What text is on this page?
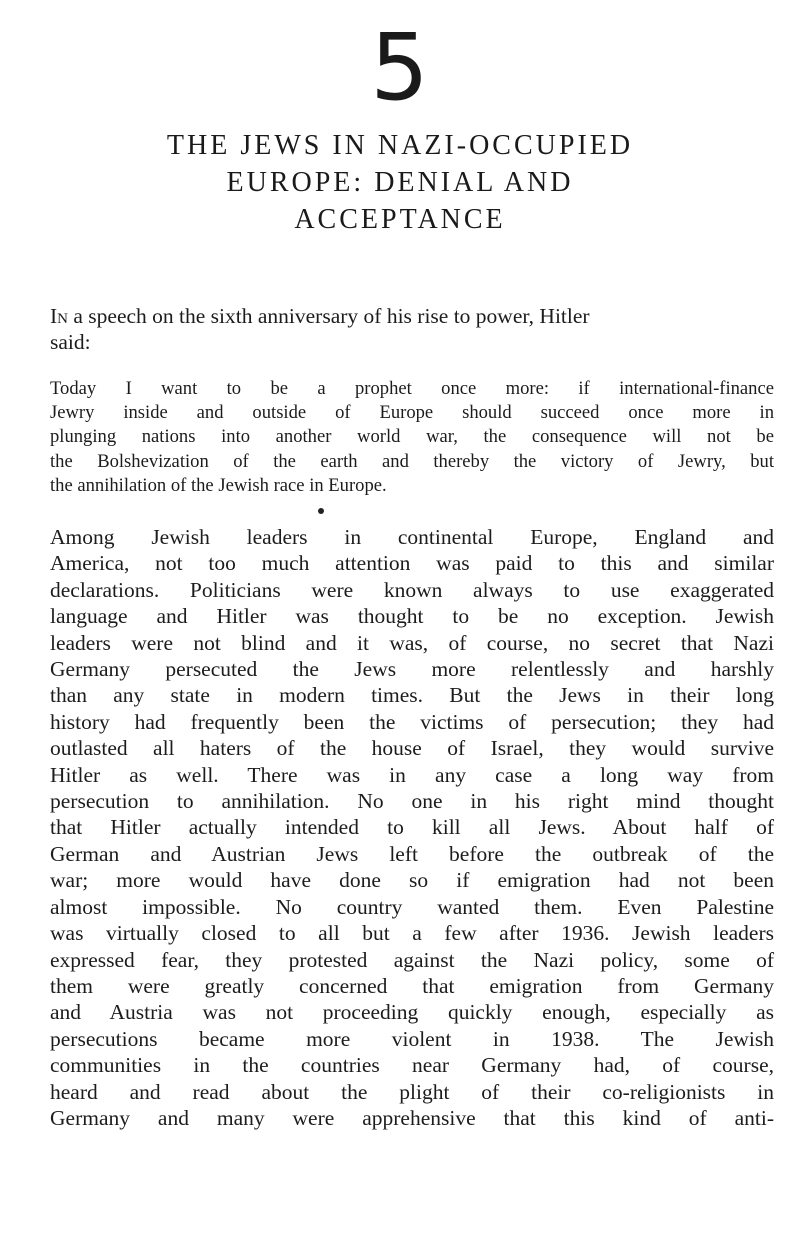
5
THE JEWS IN NAZI-OCCUPIED
EUROPE: DENIAL AND
ACCEPTANCE
In a speech on the sixth anniversary of his rise to power, Hitler
said:
Today I want to be a prophet once more: if international-finance
Jewry inside and outside of Europe should succeed once more in
plunging nations into another world war, the consequence will not be
the Bolshevization of the earth and thereby the victory of Jewry, but
the annihilation of the Jewish race in Europe.
Among Jewish leaders in continental Europe, England and
America, not too much attention was paid to this and similar
declarations. Politicians were known always to use exaggerated
language and Hitler was thought to be no exception. Jewish
leaders were not blind and it was, of course, no secret that Nazi
Germany persecuted the Jews more relentlessly and harshly
than any state in modern times. But the Jews in their long
history had frequently been the victims of persecution; they had
outlasted all haters of the house of Israel, they would survive
Hitler as well. There was in any case a long way from
persecution to annihilation. No one in his right mind thought
that Hitler actually intended to kill all Jews. About half of
German and Austrian Jews left before the outbreak of the
war; more would have done so if emigration had not been
almost impossible. No country wanted them. Even Palestine
was virtually closed to all but a few after 1936. Jewish leaders
expressed fear, they protested against the Nazi policy, some of
them were greatly concerned that emigration from Germany
and Austria was not proceeding quickly enough, especially as
persecutions became more violent in 1938. The Jewish
communities in the countries near Germany had, of course,
heard and read about the plight of their co-religionists in
Germany and many were apprehensive that this kind of anti-
